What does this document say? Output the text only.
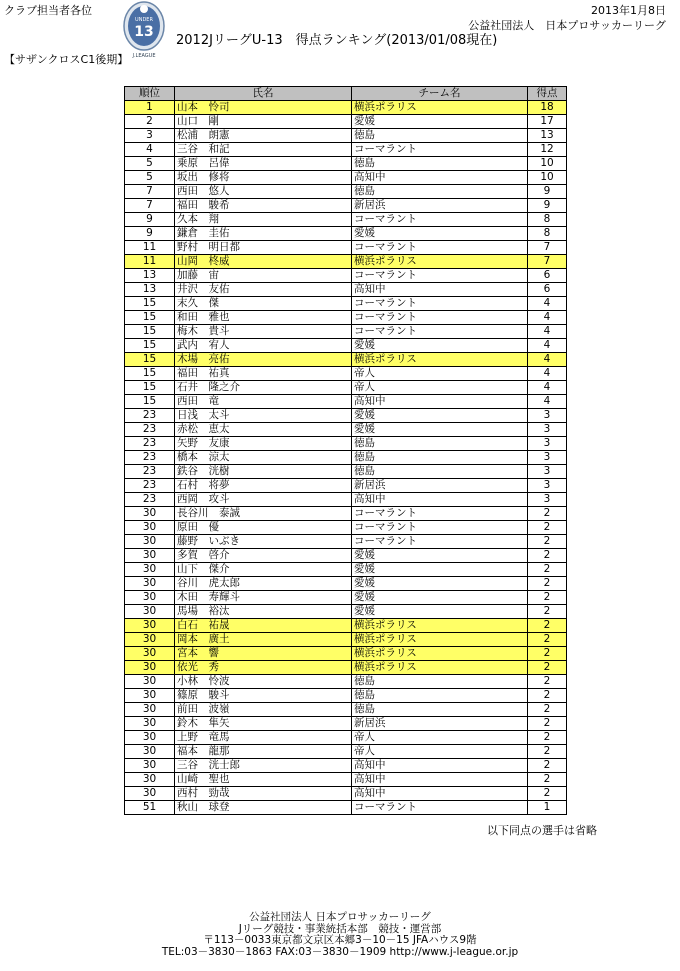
クラブ担当者各位	2013年1月8日
公益社団法人　日本プロサッカーリーグ
UNDER
13
J.LEAGUE
2012JリーグU-13　得点ランキング(2013/01/08現在)
【サザンクロスC1後期】
順位	氏名	チーム名	得点
1	山本　怜司	横浜ポラリス	18
2	山口　剛	愛媛	17
3	松浦　朗憲	徳島	13
4	三谷　和記	コーマラント	12
5	乗原　呂偉	徳島	10
5	坂出　修将	高知中	10
7	西田　悠人	徳島	9
7	福田　駿希	新居浜	9
9	久本　翔	コーマラント	8
9	鎌倉　圭佑	愛媛	8
11	野村　明日都	コーマラント	7
11	山岡　柊威	横浜ポラリス	7
13	加藤　宙	コーマラント	6
13	井沢　友佑	高知中	6
15	末久　傑	コーマラント	4
15	和田　雅也	コーマラント	4
15	梅木　貴斗	コーマラント	4
15	武内　宥人	愛媛	4
15	木場　亮佑	横浜ポラリス	4
15	福田　祐真	帝人	4
15	石井　隆之介	帝人	4
15	西田　竜	高知中	4
23	日浅　太斗	愛媛	3
23	赤松　恵太	愛媛	3
23	矢野　友康	徳島	3
23	橋本　涼太	徳島	3
23	鉄谷　洸樹	徳島	3
23	石村　将夢	新居浜	3
23	西岡　攻斗	高知中	3
30	長谷川　泰誠	コーマラント	2
30	原田　優	コーマラント	2
30	藤野　いぶき	コーマラント	2
30	多賀　啓介	愛媛	2
30	山下　傑介	愛媛	2
30	谷川　虎太郎	愛媛	2
30	木田　寿輝斗	愛媛	2
30	馬場　裕汰	愛媛	2
30	白石　祐晟	横浜ポラリス	2
30	岡本　廣土	横浜ポラリス	2
30	宮本　響	横浜ポラリス	2
30	依光　秀	横浜ポラリス	2
30	小林　怜波	徳島	2
30	篠原　駿斗	徳島	2
30	前田　波嶺	徳島	2
30	鈴木　隼矢	新居浜	2
30	上野　竜馬	帝人	2
30	福本　龍那	帝人	2
30	三谷　洸士郎	高知中	2
30	山崎　聖也	高知中	2
30	西村　勁哉	高知中	2
51	秋山　球登	コーマラント	1
以下同点の選手は省略
公益社団法人 日本プロサッカーリーグ
Jリーグ競技・事業統括本部　競技・運営部
〒113－0033東京都文京区本郷3－10－15 JFAハウス9階
TEL:03－3830－1863 FAX:03－3830－1909 http://www.j-league.or.jp
